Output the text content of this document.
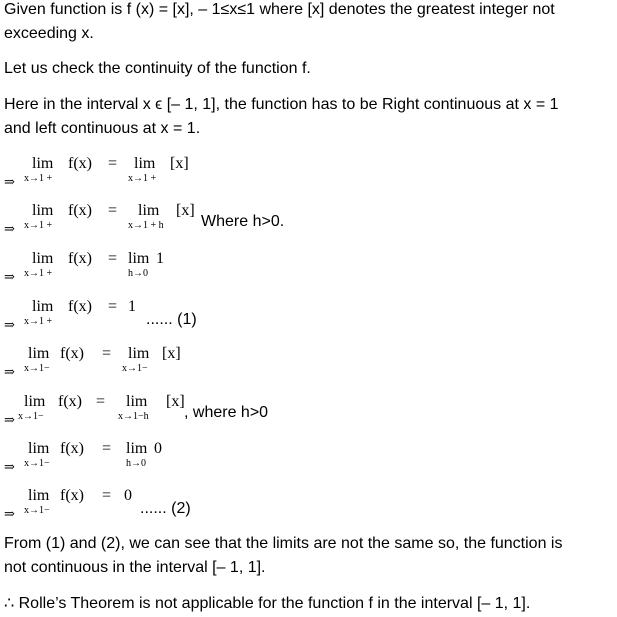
Given function is f (x) = [x], – 1≤x≤1 where [x] denotes the greatest integer not

exceeding x.

Let us check the continuity of the function f.

Here in the interval x ϵ [– 1, 1], the function has to be Right continuous at x = 1

and left continuous at x = 1.

⇒
lim
x→1 +
f(x) = lim [x]
x→1 +
⇒
lim
x→1 +
f(x) = lim [x]
x→1 + h Where h>0.
⇒
lim
x→1 +
f(x) = lim 1
h→0
⇒
lim
x→1 +
f(x) = 1
...... (1)
⇒
lim
x→1−
f(x) = lim [x]
x→1−
⇒
lim
x→1−
f(x) = lim [x]
x→1−h , where h>0
⇒
lim
x→1−
f(x) = lim 0
h→0
⇒
lim
x→1−
f(x) = 0
...... (2)

From (1) and (2), we can see that the limits are not the same so, the function is

not continuous in the interval [– 1, 1].

∴ Rolle’s Theorem is not applicable for the function f in the interval [– 1, 1].
